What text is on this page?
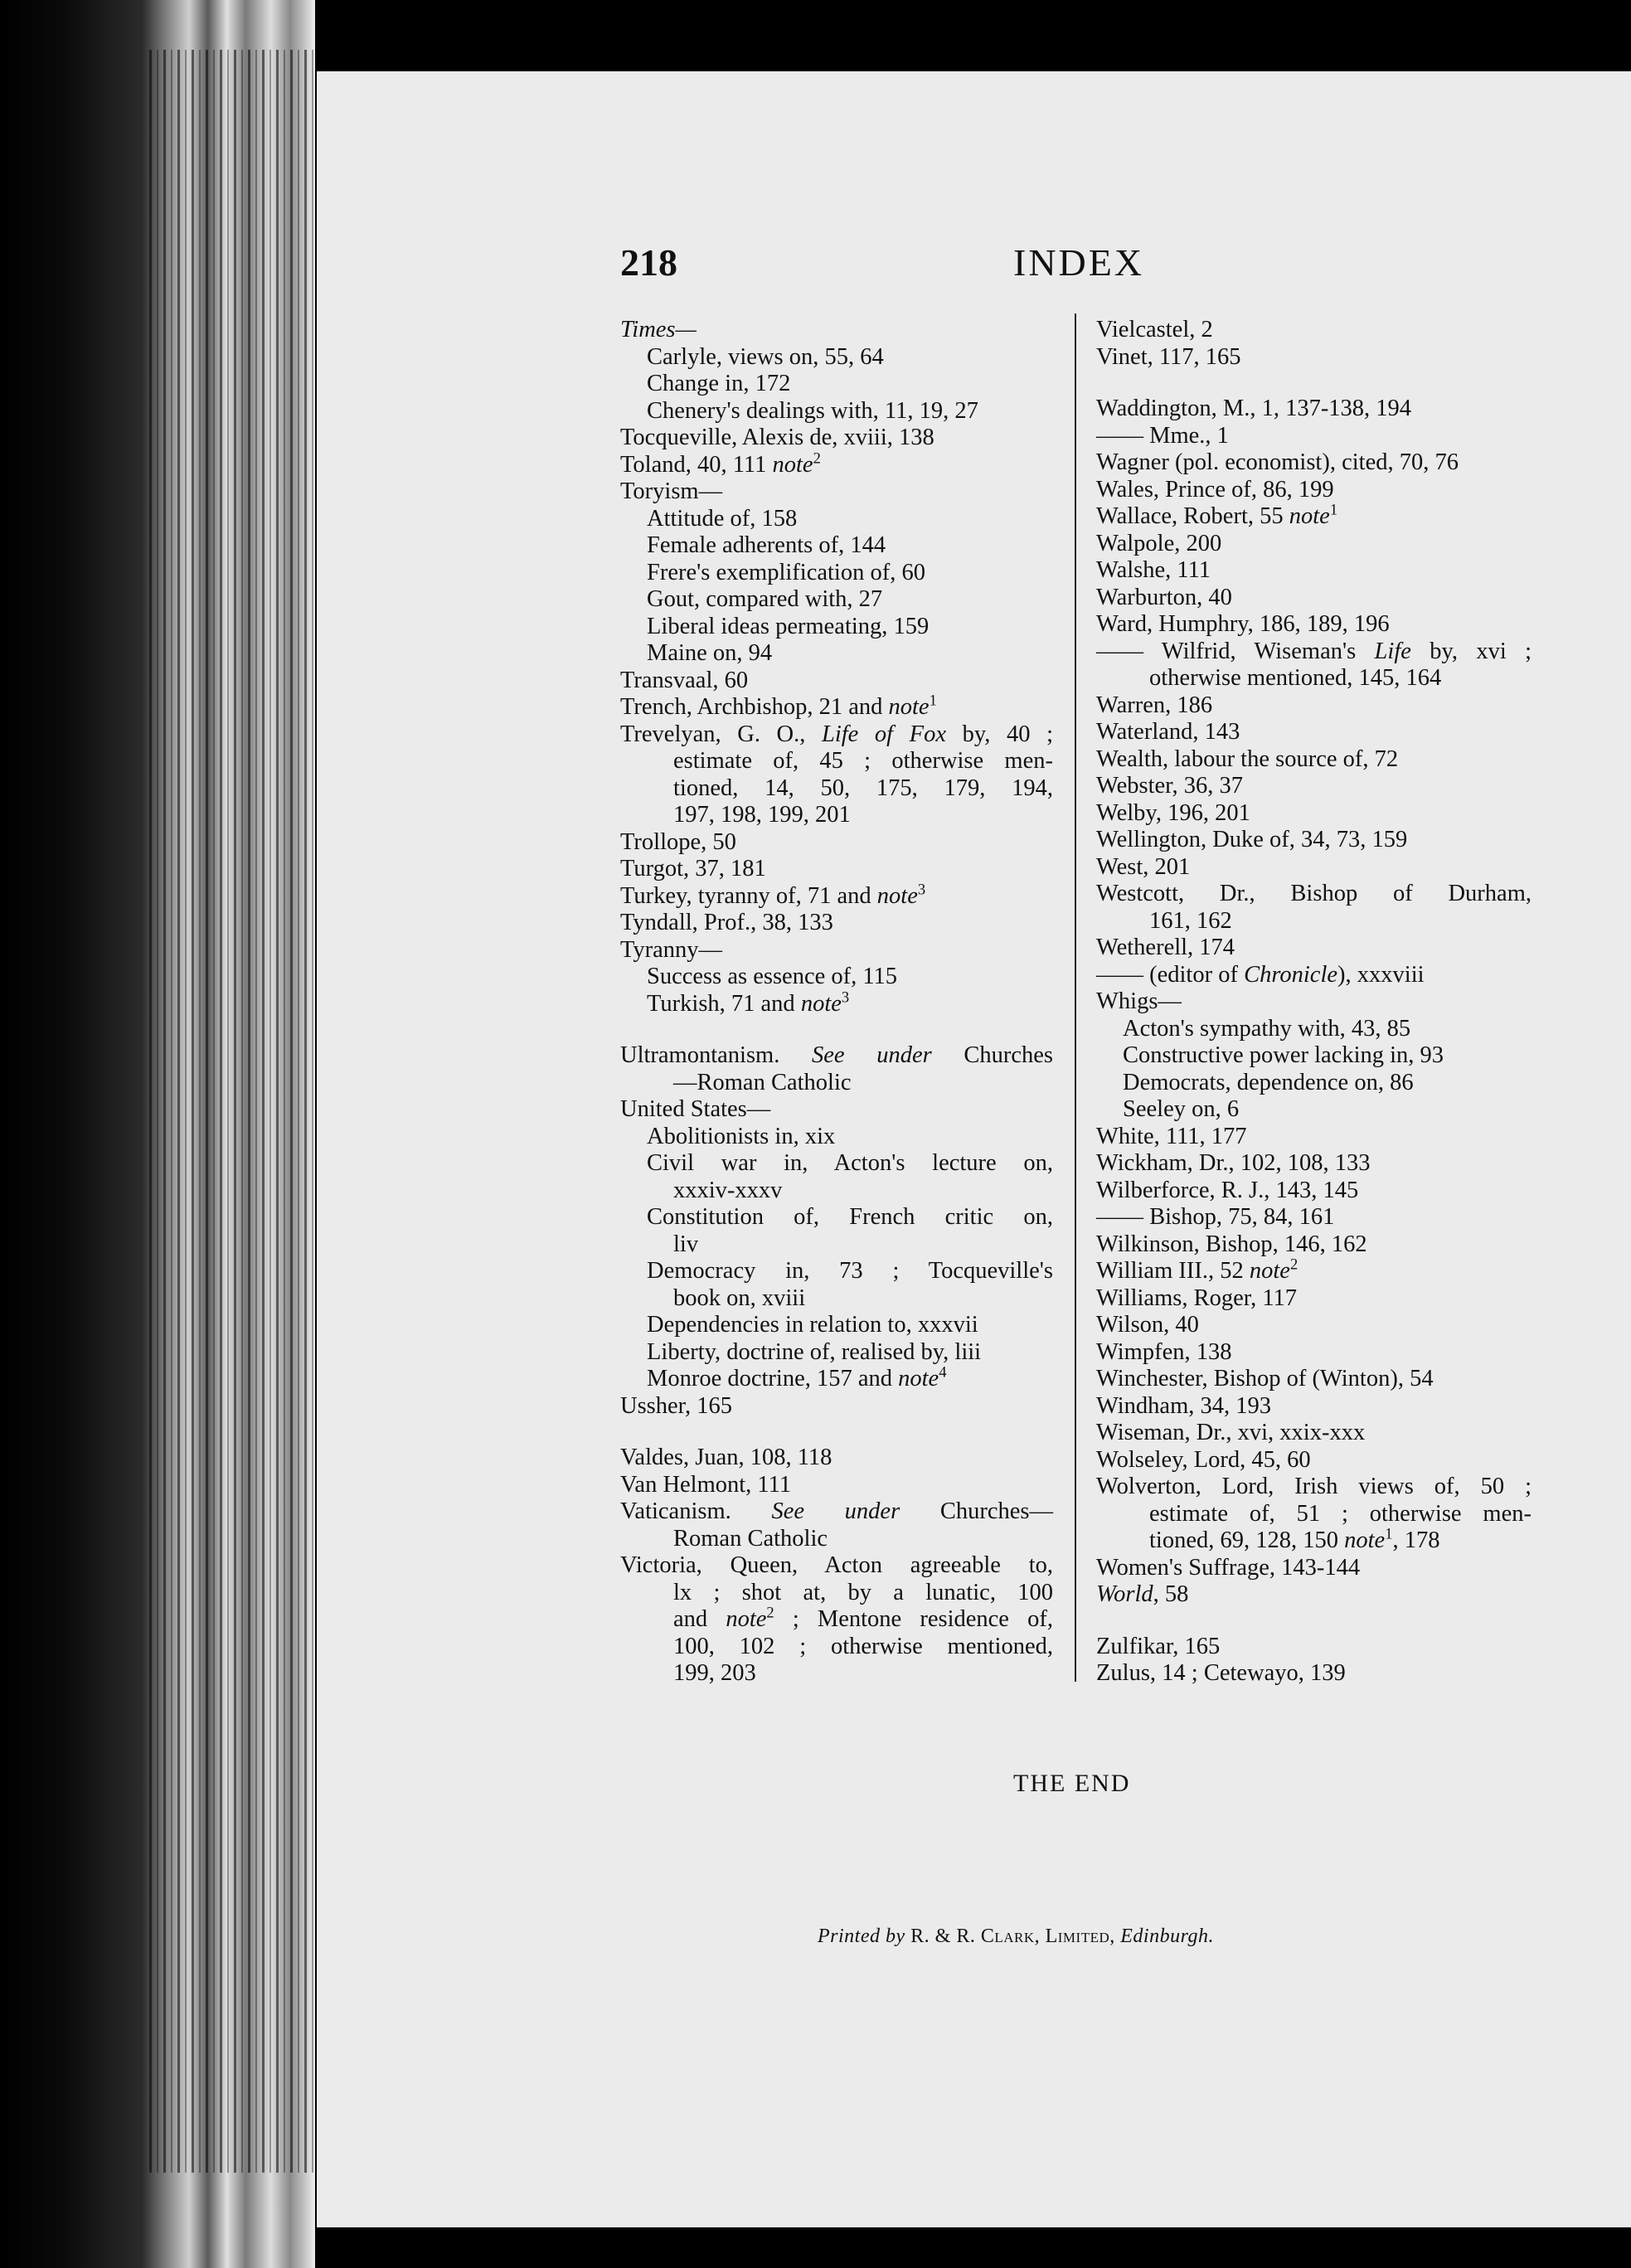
218	INDEX
Times—
Carlyle, views on, 55, 64
Change in, 172
Chenery's dealings with, 11, 19, 27
Tocqueville, Alexis de, xviii, 138
Toland, 40, 111 note$^2$
Toryism—
Attitude of, 158
Female adherents of, 144
Frere's exemplification of, 60
Gout, compared with, 27
Liberal ideas permeating, 159
Maine on, 94
Transvaal, 60
Trench, Archbishop, 21 and note$^1$
Trevelyan, G. O., Life of Fox by, 40 ;
estimate of, 45 ; otherwise men-
tioned, 14, 50, 175, 179, 194,
197, 198, 199, 201
Trollope, 50
Turgot, 37, 181
Turkey, tyranny of, 71 and note$^3$
Tyndall, Prof., 38, 133
Tyranny—
Success as essence of, 115
Turkish, 71 and note$^3$
Ultramontanism. See under Churches
—Roman Catholic
United States—
Abolitionists in, xix
Civil war in, Acton's lecture on,
xxxiv-xxxv
Constitution of, French critic on,
liv
Democracy in, 73 ; Tocqueville's
book on, xviii
Dependencies in relation to, xxxvii
Liberty, doctrine of, realised by, liii
Monroe doctrine, 157 and note$^4$
Ussher, 165
Valdes, Juan, 108, 118
Van Helmont, 111
Vaticanism. See under Churches—
Roman Catholic
Victoria, Queen, Acton agreeable to,
lx ; shot at, by a lunatic, 100
and note$^2$ ; Mentone residence of,
100, 102 ; otherwise mentioned,
199, 203
Vielcastel, 2
Vinet, 117, 165
Waddington, M., 1, 137-138, 194
—— Mme., 1
Wagner (pol. economist), cited, 70, 76
Wales, Prince of, 86, 199
Wallace, Robert, 55 note$^1$
Walpole, 200
Walshe, 111
Warburton, 40
Ward, Humphry, 186, 189, 196
—— Wilfrid, Wiseman's Life by, xvi ;
otherwise mentioned, 145, 164
Warren, 186
Waterland, 143
Wealth, labour the source of, 72
Webster, 36, 37
Welby, 196, 201
Wellington, Duke of, 34, 73, 159
West, 201
Westcott, Dr., Bishop of Durham,
161, 162
Wetherell, 174
—— (editor of Chronicle), xxxviii
Whigs—
Acton's sympathy with, 43, 85
Constructive power lacking in, 93
Democrats, dependence on, 86
Seeley on, 6
White, 111, 177
Wickham, Dr., 102, 108, 133
Wilberforce, R. J., 143, 145
—— Bishop, 75, 84, 161
Wilkinson, Bishop, 146, 162
William III., 52 note$^2$
Williams, Roger, 117
Wilson, 40
Wimpfen, 138
Winchester, Bishop of (Winton), 54
Windham, 34, 193
Wiseman, Dr., xvi, xxix-xxx
Wolseley, Lord, 45, 60
Wolverton, Lord, Irish views of, 50 ;
estimate of, 51 ; otherwise men-
tioned, 69, 128, 150 note$^1$, 178
Women's Suffrage, 143-144
World, 58
Zulfikar, 165
Zulus, 14 ; Cetewayo, 139
THE END
Printed by R. & R. Clark, Limited, Edinburgh.
